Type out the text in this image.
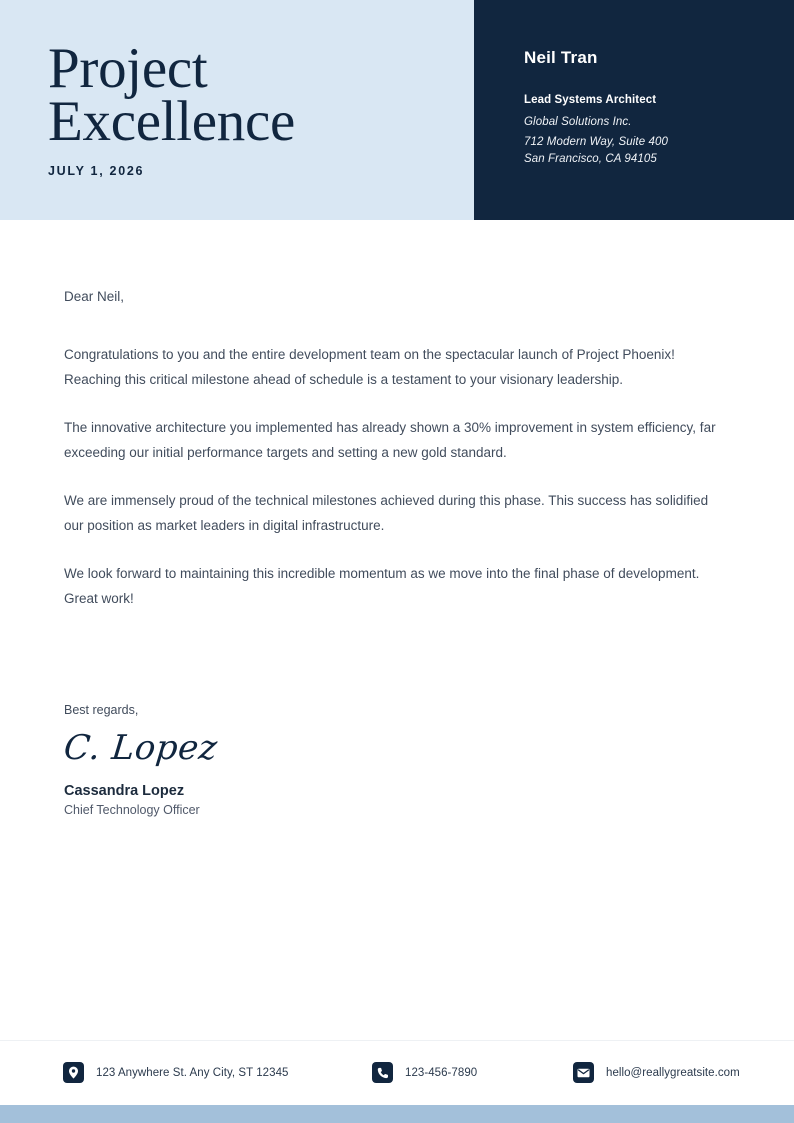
Project
Excellence
JULY 1, 2026
Neil Tran
Lead Systems Architect
Global Solutions Inc.
712 Modern Way, Suite 400
San Francisco, CA 94105

Dear Neil,

Congratulations to you and the entire development team on the spectacular launch of Project Phoenix! Reaching this critical milestone ahead of schedule is a testament to your visionary leadership.

The innovative architecture you implemented has already shown a 30% improvement in system efficiency, far exceeding our initial performance targets and setting a new gold standard.

We are immensely proud of the technical milestones achieved during this phase. This success has solidified our position as market leaders in digital infrastructure.

We look forward to maintaining this incredible momentum as we move into the final phase of development. Great work!

Best regards,
C. Lopez
Cassandra Lopez
Chief Technology Officer
123 Anywhere St. Any City, ST 12345	123-456-7890	hello@reallygreatsite.com
